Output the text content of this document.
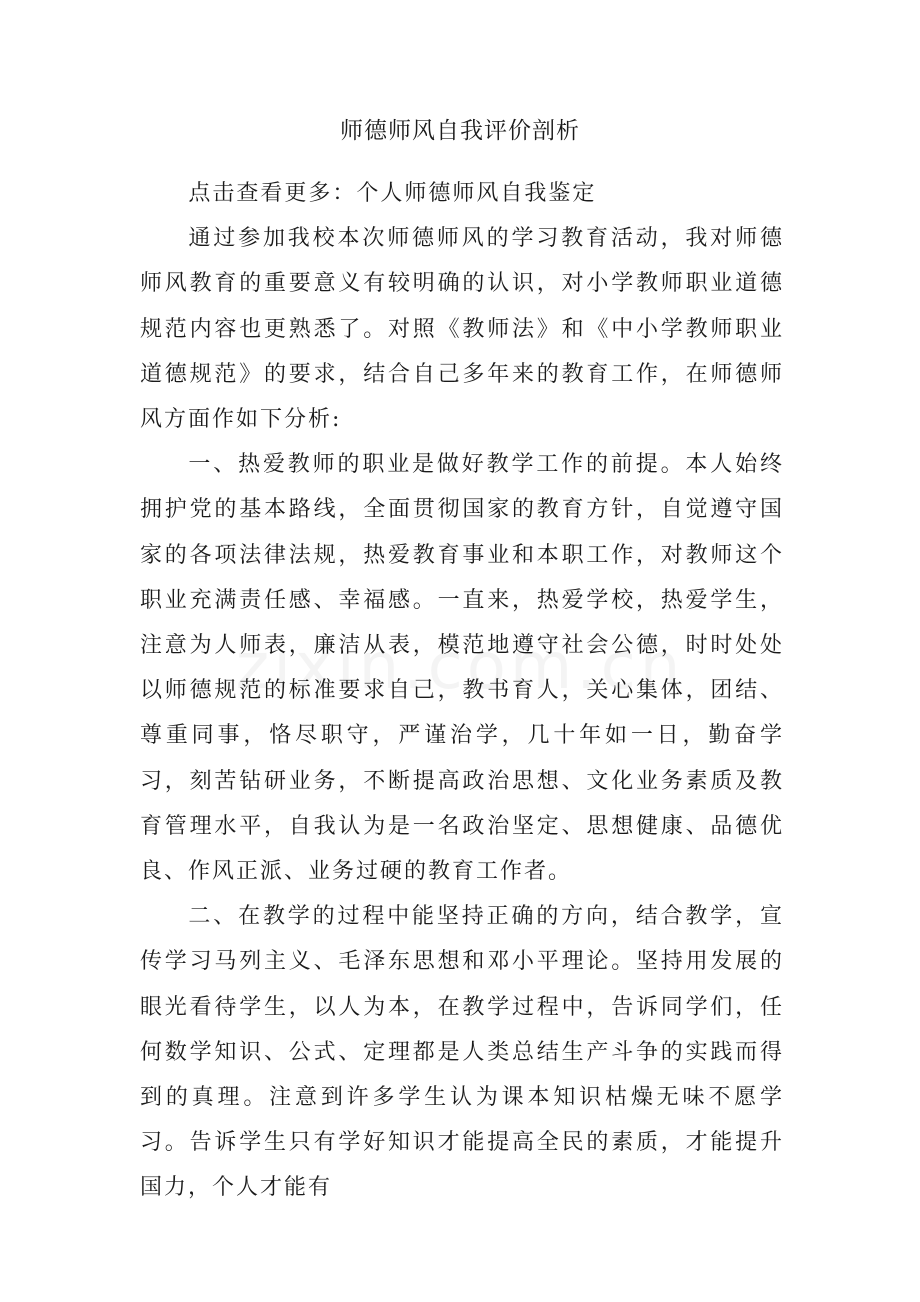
师德师风自我评价剖析

点击查看更多：个人师德师风自我鉴定

通过参加我校本次师德师风的学习教育活动，我对师德师风教育的重要意义有较明确的认识，对小学教师职业道德规范内容也更熟悉了。对照《教师法》和《中小学教师职业道德规范》的要求，结合自己多年来的教育工作，在师德师风方面作如下分析:

一、热爱教师的职业是做好教学工作的前提。本人始终拥护党的基本路线，全面贯彻国家的教育方针，自觉遵守国家的各项法律法规，热爱教育事业和本职工作，对教师这个职业充满责任感、幸福感。一直来，热爱学校，热爱学生，注意为人师表，廉洁从表，模范地遵守社会公德，时时处处以师德规范的标准要求自己，教书育人，关心集体，团结、尊重同事，恪尽职守，严谨治学，几十年如一日，勤奋学习，刻苦钻研业务，不断提高政治思想、文化业务素质及教育管理水平，自我认为是一名政治坚定、思想健康、品德优良、作风正派、业务过硬的教育工作者。

二、在教学的过程中能坚持正确的方向，结合教学，宣传学习马列主义、毛泽东思想和邓小平理论。坚持用发展的眼光看待学生，以人为本，在教学过程中，告诉同学们，任何数学知识、公式、定理都是人类总结生产斗争的实践而得到的真理。注意到许多学生认为课本知识枯燥无味不愿学习。告诉学生只有学好知识才能提高全民的素质，才能提升国力，个人才能有
